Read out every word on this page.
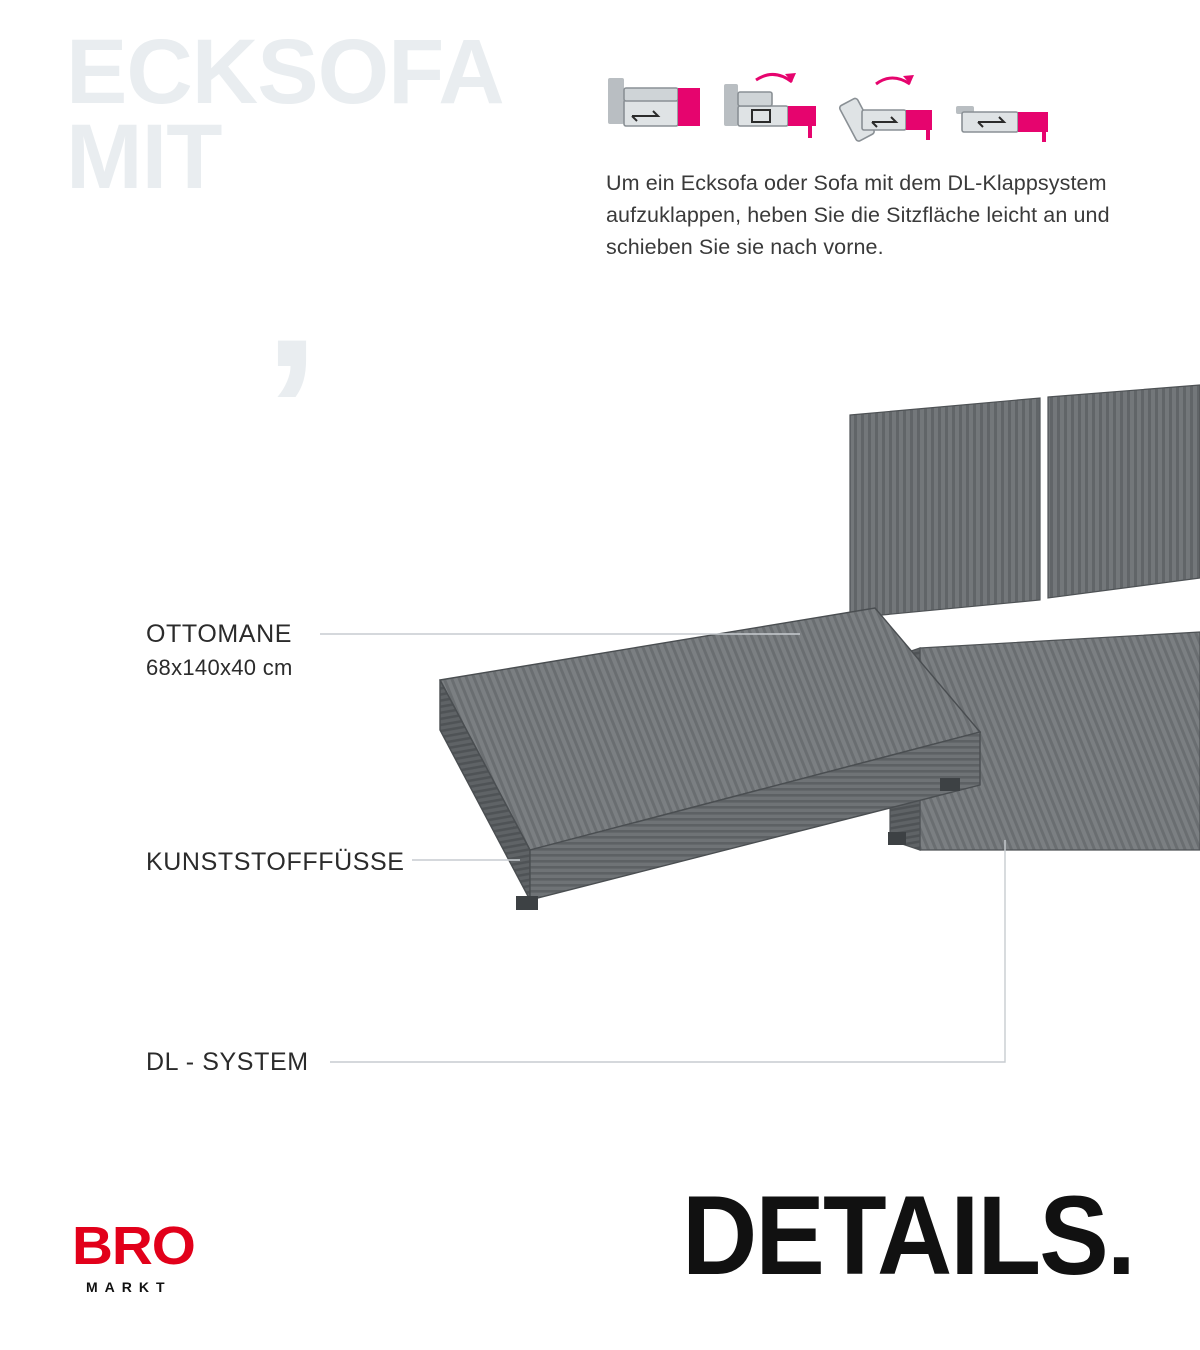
ECKSOFA
MIT
‚

Um ein Ecksofa oder Sofa mit dem DL-Klappsystem aufzuklappen, heben Sie die Sitzfläche leicht an und schieben Sie sie nach vorne.

OTTOMANE
68x140x40 cm
KUNSTSTOFFFÜSSE
DL - SYSTEM
DETAILS.
BRO
MARKT
